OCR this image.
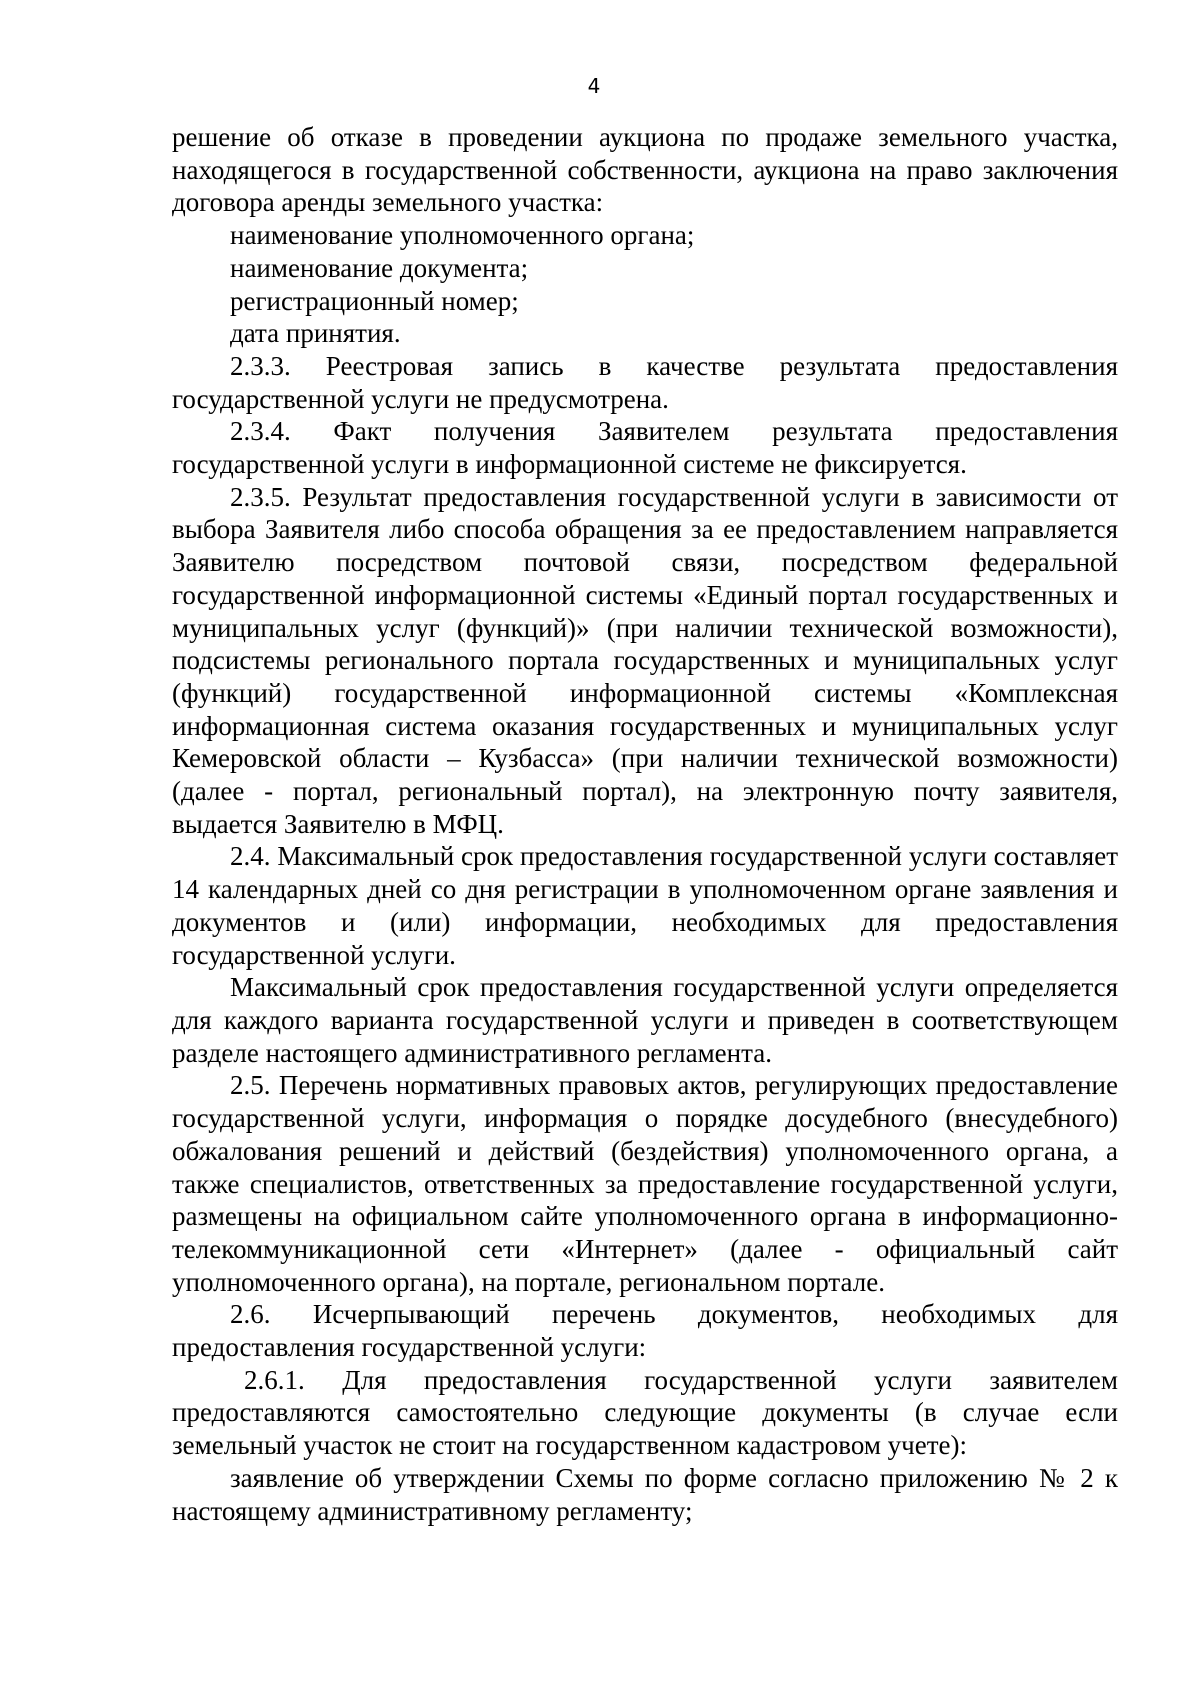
4

решение об отказе в проведении аукциона по продаже земельного участка, находящегося в государственной собственности, аукциона на право заключения договора аренды земельного участка:

наименование уполномоченного органа;

наименование документа;

регистрационный номер;

дата принятия.

2.3.3. Реестровая запись в качестве результата предоставления государственной услуги не предусмотрена.

2.3.4. Факт получения Заявителем результата предоставления государственной услуги в информационной системе не фиксируется.

2.3.5. Результат предоставления государственной услуги в зависимости от выбора Заявителя либо способа обращения за ее предоставлением направляется Заявителю посредством почтовой связи, посредством федеральной государственной информационной системы «Единый портал государственных и муниципальных услуг (функций)» (при наличии технической возможности), подсистемы регионального портала государственных и муниципальных услуг (функций) государственной информационной системы «Комплексная информационная система оказания государственных и муниципальных услуг Кемеровской области – Кузбасса» (при наличии технической возможности) (далее - портал, региональный портал), на электронную почту заявителя, выдается Заявителю в МФЦ.

2.4. Максимальный срок предоставления государственной услуги составляет 14 календарных дней со дня регистрации в уполномоченном органе заявления и документов и (или) информации, необходимых для предоставления государственной услуги.

Максимальный срок предоставления государственной услуги определяется для каждого варианта государственной услуги и приведен в соответствующем разделе настоящего административного регламента.

2.5. Перечень нормативных правовых актов, регулирующих предоставление государственной услуги, информация о порядке досудебного (внесудебного) обжалования решений и действий (бездействия) уполномоченного органа, а также специалистов, ответственных за предоставление государственной услуги, размещены на официальном сайте уполномоченного органа в информационно-телекоммуникационной сети «Интернет» (далее - официальный сайт уполномоченного органа), на портале, региональном портале.

2.6. Исчерпывающий перечень документов, необходимых для предоставления государственной услуги:

2.6.1. Для предоставления государственной услуги заявителем предоставляются самостоятельно следующие документы (в случае если земельный участок не стоит на государственном кадастровом учете):

заявление об утверждении Схемы по форме согласно приложению № 2 к настоящему административному регламенту;
